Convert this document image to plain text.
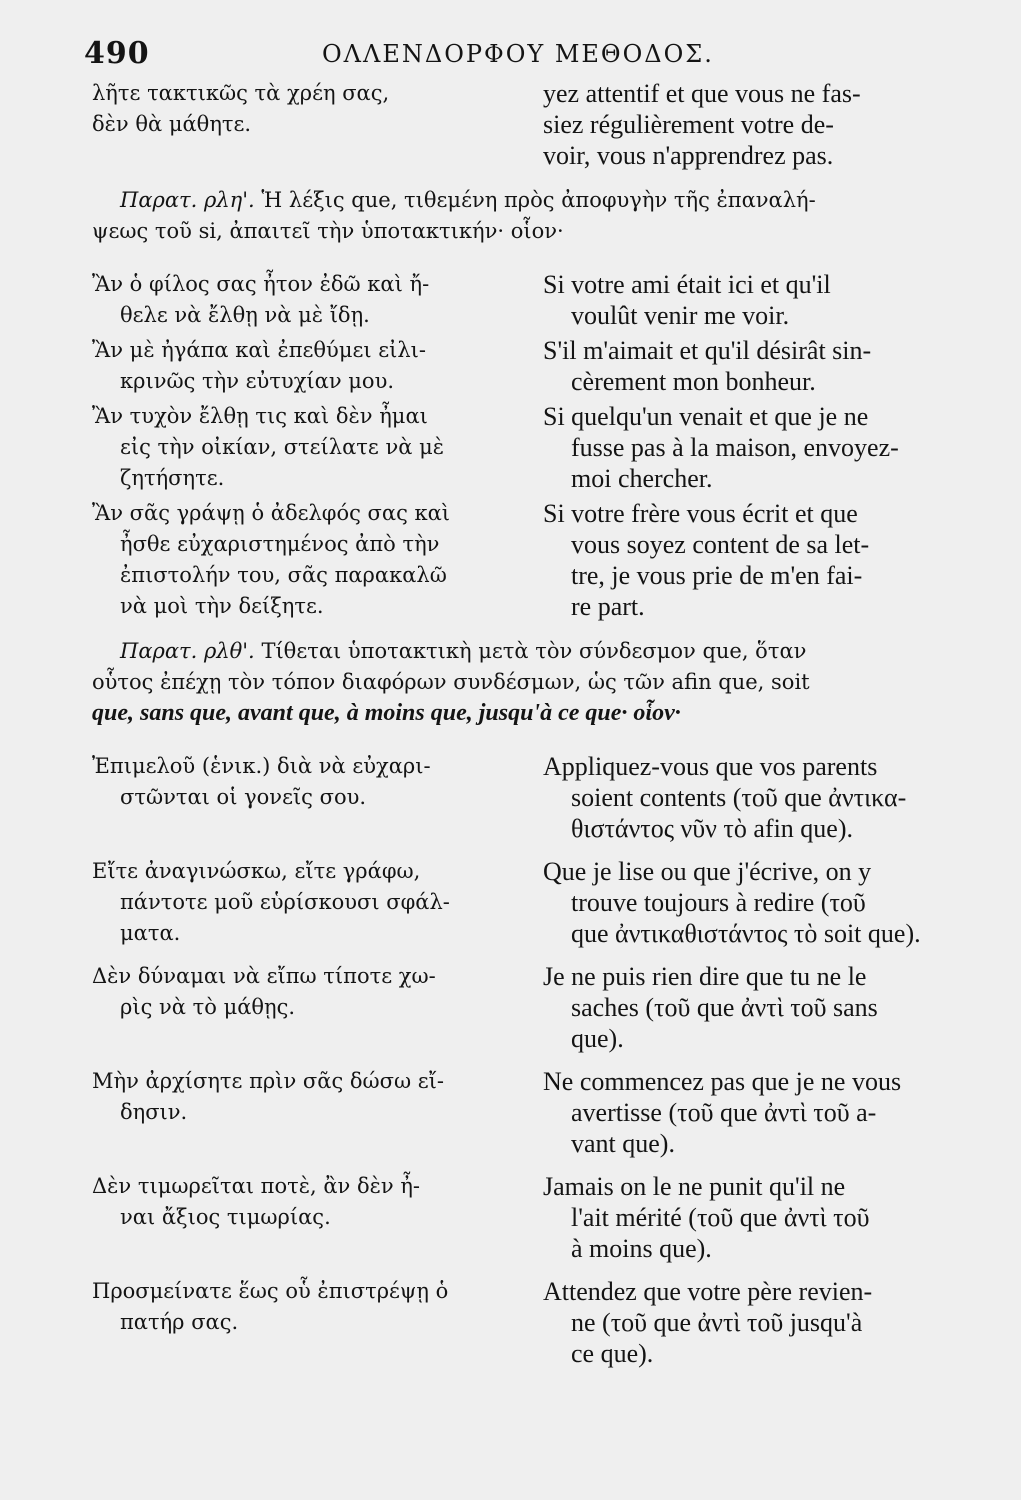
490	ΟΛΛΕΝΔΟΡΦΟΥ ΜΕΘΟΔΟΣ.

λῆτε τακτικῶς τὰ χρέη σας,

δὲν θὰ μάθητε.

yez attentif et que vous ne fas-

siez régulièrement votre de-

voir, vous n'apprendrez pas.

Παρατ. ρλη'. Ἡ λέξις que, τιθεμένη πρὸς ἀποφυγὴν τῆς ἐπαναλή-

ψεως τοῦ si, ἀπαιτεῖ τὴν ὑποτακτικήν· οἷον·

Ἂν ὁ φίλος σας ἦτον ἐδῶ καὶ ἤ-

θελε νὰ ἔλθῃ νὰ μὲ ἴδῃ.

Si votre ami était ici et qu'il

voulût venir me voir.

Ἂν μὲ ἠγάπα καὶ ἐπεθύμει εἰλι-

κρινῶς τὴν εὐτυχίαν μου.

S'il m'aimait et qu'il désirât sin-

cèrement mon bonheur.

Ἂν τυχὸν ἔλθῃ τις καὶ δὲν ἦμαι

εἰς τὴν οἰκίαν, στείλατε νὰ μὲ

ζητήσητε.

Si quelqu'un venait et que je ne

fusse pas à la maison, envoyez-

moi chercher.

Ἂν σᾶς γράψῃ ὁ ἀδελφός σας καὶ

ἦσθε εὐχαριστημένος ἀπὸ τὴν

ἐπιστολήν του, σᾶς παρακαλῶ

νὰ μοὶ τὴν δείξητε.

Si votre frère vous écrit et que

vous soyez content de sa let-

tre, je vous prie de m'en fai-

re part.

Παρατ. ρλθ'. Τίθεται ὑποτακτικὴ μετὰ τὸν σύνδεσμον que, ὅταν

οὗτος ἐπέχῃ τὸν τόπον διαφόρων συνδέσμων, ὡς τῶν afin que, soit

que, sans que, avant que, à moins que, jusqu'à ce que· οἷον·

Ἐπιμελοῦ (ἑνικ.) διὰ νὰ εὐχαρι-

στῶνται οἱ γονεῖς σου.

Appliquez-vous que vos parents

soient contents (τοῦ que ἀντικα-

θιστάντος νῦν τὸ afin que).

Εἴτε ἀναγινώσκω, εἴτε γράφω,

πάντοτε μοῦ εὑρίσκουσι σφάλ-

ματα.

Que je lise ou que j'écrive, on y

trouve toujours à redire (τοῦ

que ἀντικαθιστάντος τὸ soit que).

Δὲν δύναμαι νὰ εἴπω τίποτε χω-

ρὶς νὰ τὸ μάθῃς.

Je ne puis rien dire que tu ne le

saches (τοῦ que ἀντὶ τοῦ sans

que).

Μὴν ἀρχίσητε πρὶν σᾶς δώσω εἴ-

δησιν.

Ne commencez pas que je ne vous

avertisse (τοῦ que ἀντὶ τοῦ a-

vant que).

Δὲν τιμωρεῖται ποτὲ, ἂν δὲν ἦ-

ναι ἄξιος τιμωρίας.

Jamais on le ne punit qu'il ne

l'ait mérité (τοῦ que ἀντὶ τοῦ

à moins que).

Προσμείνατε ἕως οὗ ἐπιστρέψῃ ὁ

πατήρ σας.

Attendez que votre père revien-

ne (τοῦ que ἀντὶ τοῦ jusqu'à

ce que).
